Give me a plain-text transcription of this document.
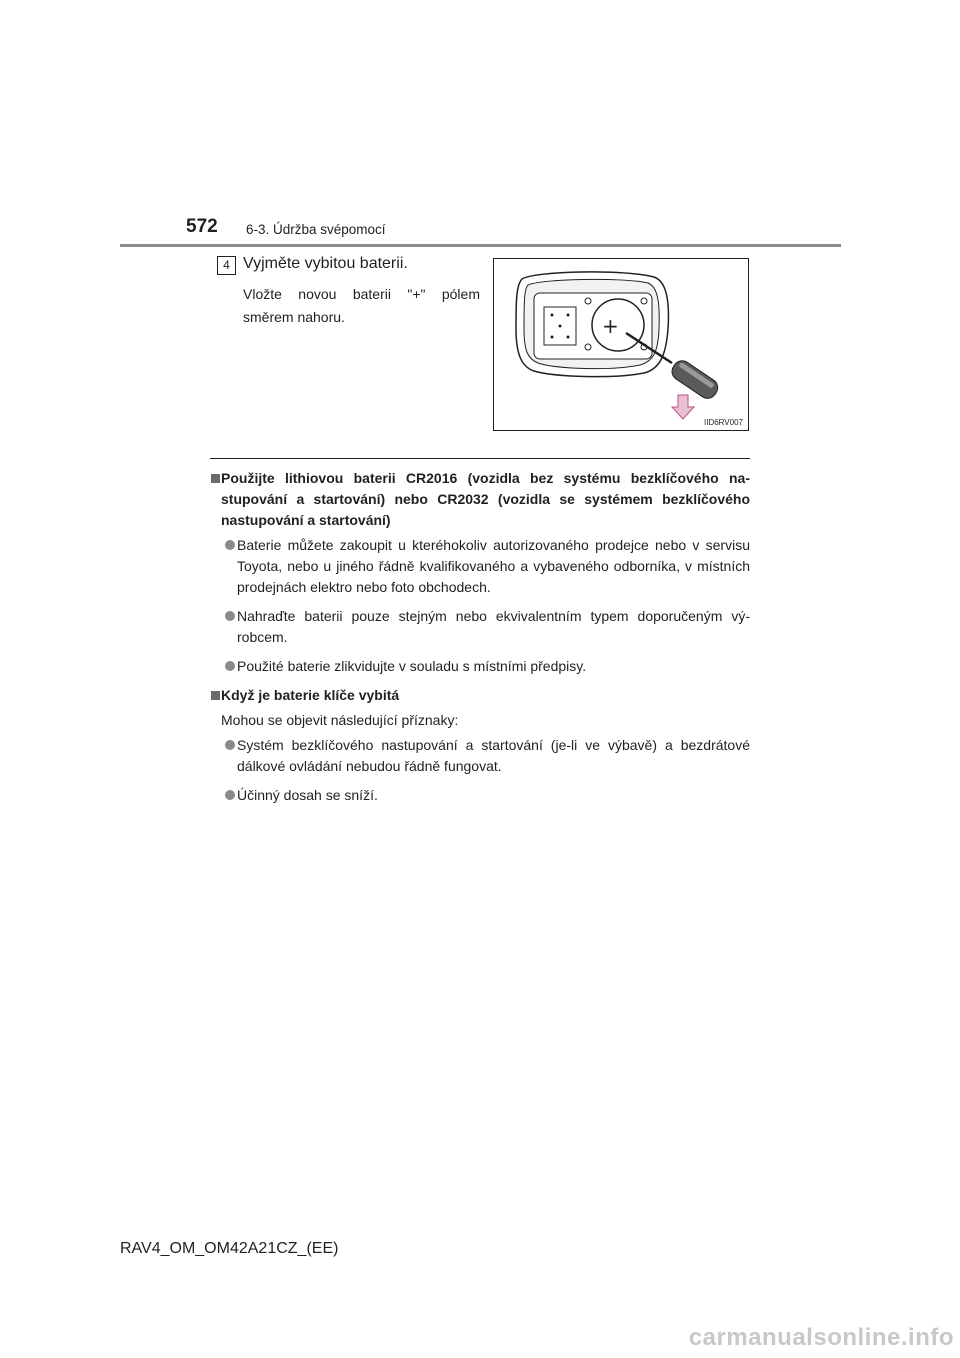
572 6-3. Údržba svépomocí
4 Vyjměte vybitou baterii.
Vložte novou baterii "+" pólem směrem nahoru.	+
IID6RV007
Použijte lithiovou baterii CR2016 (vozidla bez systému bezklíčového nastupování a startování) nebo CR2032 (vozidla se systémem bezklíčového nastupování a startování)
Baterie můžete zakoupit u kteréhokoliv autorizovaného prodejce nebo v servisu Toyota, nebo u jiného řádně kvalifikovaného a vybaveného odborníka, v místních prodejnách elektro nebo foto obchodech.
Nahraďte baterii pouze stejným nebo ekvivalentním typem doporučeným výrobcem.
Použité baterie zlikvidujte v souladu s místními předpisy.
Když je baterie klíče vybitá
Mohou se objevit následující příznaky:
Systém bezklíčového nastupování a startování (je-li ve výbavě) a bezdrátové dálkové ovládání nebudou řádně fungovat.
Účinný dosah se sníží.
RAV4_OM_OM42A21CZ_(EE)
carmanualsonline.info
